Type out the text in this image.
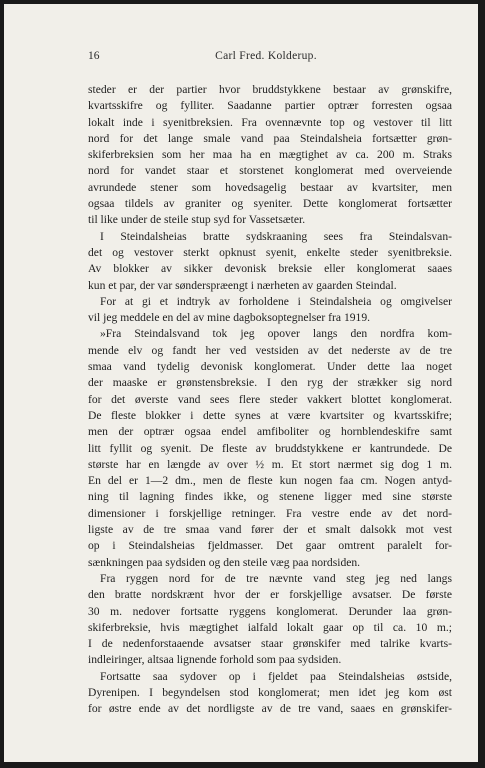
16	Carl Fred. Kolderup.
steder er der partier hvor bruddstykkene bestaar av grønskifre,
kvartsskifre og fylliter. Saadanne partier optrær forresten ogsaa
lokalt inde i syenitbreksien. Fra ovennævnte top og vestover til litt
nord for det lange smale vand paa Steindalsheia fortsætter grøn-
skiferbreksien som her maa ha en mægtighet av ca. 200 m. Straks
nord for vandet staar et storstenet konglomerat med overveiende
avrundede stener som hovedsagelig bestaar av kvartsiter, men
ogsaa tildels av graniter og syeniter. Dette konglomerat fortsætter
til like under de steile stup syd for Vassetsæter.
I Steindalsheias bratte sydskraaning sees fra Steindalsvan-
det og vestover sterkt opknust syenit, enkelte steder syenitbreksie.
Av blokker av sikker devonisk breksie eller konglomerat saaes
kun et par, der var sønderspræengt i nærheten av gaarden Steindal.
For at gi et indtryk av forholdene i Steindalsheia og omgivelser
vil jeg meddele en del av mine dagboksoptegnelser fra 1919.
»Fra Steindalsvand tok jeg opover langs den nordfra kom-
mende elv og fandt her ved vestsiden av det nederste av de tre
smaa vand tydelig devonisk konglomerat. Under dette laa noget
der maaske er grønstensbreksie. I den ryg der strækker sig nord
for det øverste vand sees flere steder vakkert blottet konglomerat.
De fleste blokker i dette synes at være kvartsiter og kvartsskifre;
men der optrær ogsaa endel amfiboliter og hornblendeskifre samt
litt fyllit og syenit. De fleste av bruddstykkene er kantrundede. De
største har en længde av over ½ m. Et stort nærmet sig dog 1 m.
En del er 1—2 dm., men de fleste kun nogen faa cm. Nogen antyd-
ning til lagning findes ikke, og stenene ligger med sine største
dimensioner i forskjellige retninger. Fra vestre ende av det nord-
ligste av de tre smaa vand fører der et smalt dalsokk mot vest
op i Steindalsheias fjeldmasser. Det gaar omtrent paralelt for-
sænkningen paa sydsiden og den steile væg paa nordsiden.
Fra ryggen nord for de tre nævnte vand steg jeg ned langs
den bratte nordskrænt hvor der er forskjellige avsatser. De første
30 m. nedover fortsatte ryggens konglomerat. Derunder laa grøn-
skiferbreksie, hvis mægtighet ialfald lokalt gaar op til ca. 10 m.;
I de nedenforstaaende avsatser staar grønskifer med talrike kvarts-
indleiringer, altsaa lignende forhold som paa sydsiden.
Fortsatte saa sydover op i fjeldet paa Steindalsheias østside,
Dyrenipen. I begyndelsen stod konglomerat; men idet jeg kom øst
for østre ende av det nordligste av de tre vand, saaes en grønskifer-
